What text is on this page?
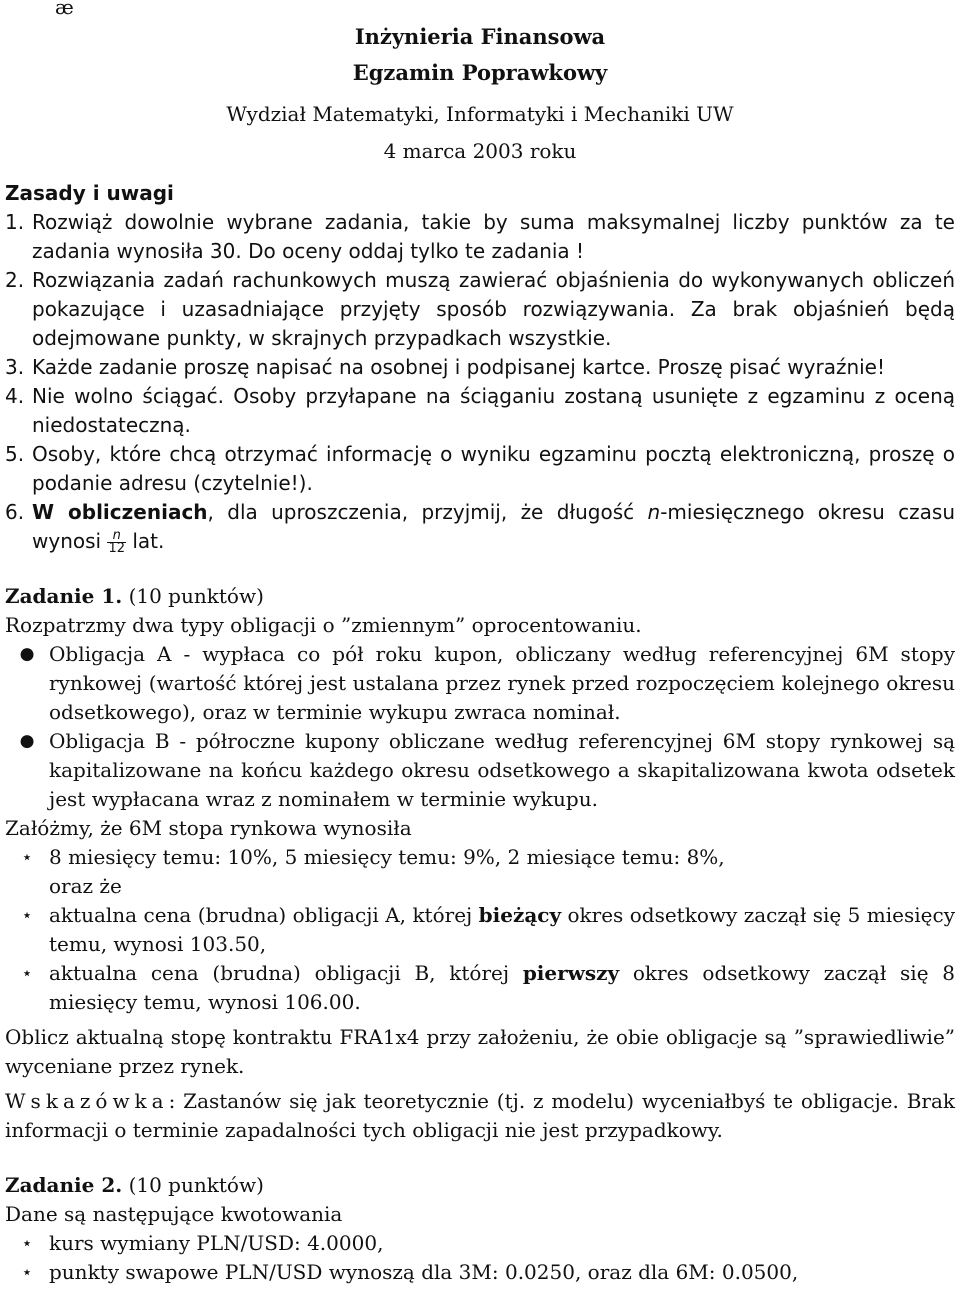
æ
Inżynieria Finansowa
Egzamin Poprawkowy
Wydział Matematyki, Informatyki i Mechaniki UW
4 marca 2003 roku
Zasady i uwagi
1. Rozwiąż dowolnie wybrane zadania, takie by suma maksymalnej liczby punktów za te zadania wynosiła 30. Do oceny oddaj tylko te zadania !
2. Rozwiązania zadań rachunkowych muszą zawierać objaśnienia do wykonywanych obliczeń pokazujące i uzasadniające przyjęty sposób rozwiązywania. Za brak objaśnień będą odejmowane punkty, w skrajnych przypadkach wszystkie.
3. Każde zadanie proszę napisać na osobnej i podpisanej kartce. Proszę pisać wyraźnie!
4. Nie wolno ściągać. Osoby przyłapane na ściąganiu zostaną usunięte z egzaminu z oceną niedostateczną.
5. Osoby, które chcą otrzymać informację o wyniku egzaminu pocztą elektroniczną, proszę o podanie adresu (czytelnie!).
6. W obliczeniach, dla uproszczenia, przyjmij, że długość n-miesięcznego okresu czasu wynosi $\frac{n}{12}$ lat.
Zadanie 1. (10 punktów)
Rozpatrzmy dwa typy obligacji o ”zmiennym” oprocentowaniu.
● Obligacja A - wypłaca co pół roku kupon, obliczany według referencyjnej 6M stopy rynkowej (wartość której jest ustalana przez rynek przed rozpoczęciem kolejnego okresu odsetkowego), oraz w terminie wykupu zwraca nominał.
● Obligacja B - półroczne kupony obliczane według referencyjnej 6M stopy rynkowej są kapitalizowane na końcu każdego okresu odsetkowego a skapitalizowana kwota odsetek jest wypłacana wraz z nominałem w terminie wykupu.
Załóżmy, że 6M stopa rynkowa wynosiła
⋆ 8 miesięcy temu: 10%, 5 miesięcy temu: 9%, 2 miesiące temu: 8%,
oraz że
⋆ aktualna cena (brudna) obligacji A, której bieżący okres odsetkowy zaczął się 5 miesięcy temu, wynosi 103.50,
⋆ aktualna cena (brudna) obligacji B, której pierwszy okres odsetkowy zaczął się 8 miesięcy temu, wynosi 106.00.
Oblicz aktualną stopę kontraktu FRA1x4 przy założeniu, że obie obligacje są ”sprawiedliwie” wyceniane przez rynek.
Wskazówka: Zastanów się jak teoretycznie (tj. z modelu) wyceniałbyś te obligacje. Brak informacji o terminie zapadalności tych obligacji nie jest przypadkowy.
Zadanie 2. (10 punktów)
Dane są następujące kwotowania
⋆ kurs wymiany PLN/USD: 4.0000,
⋆ punkty swapowe PLN/USD wynoszą dla 3M: 0.0250, oraz dla 6M: 0.0500,
